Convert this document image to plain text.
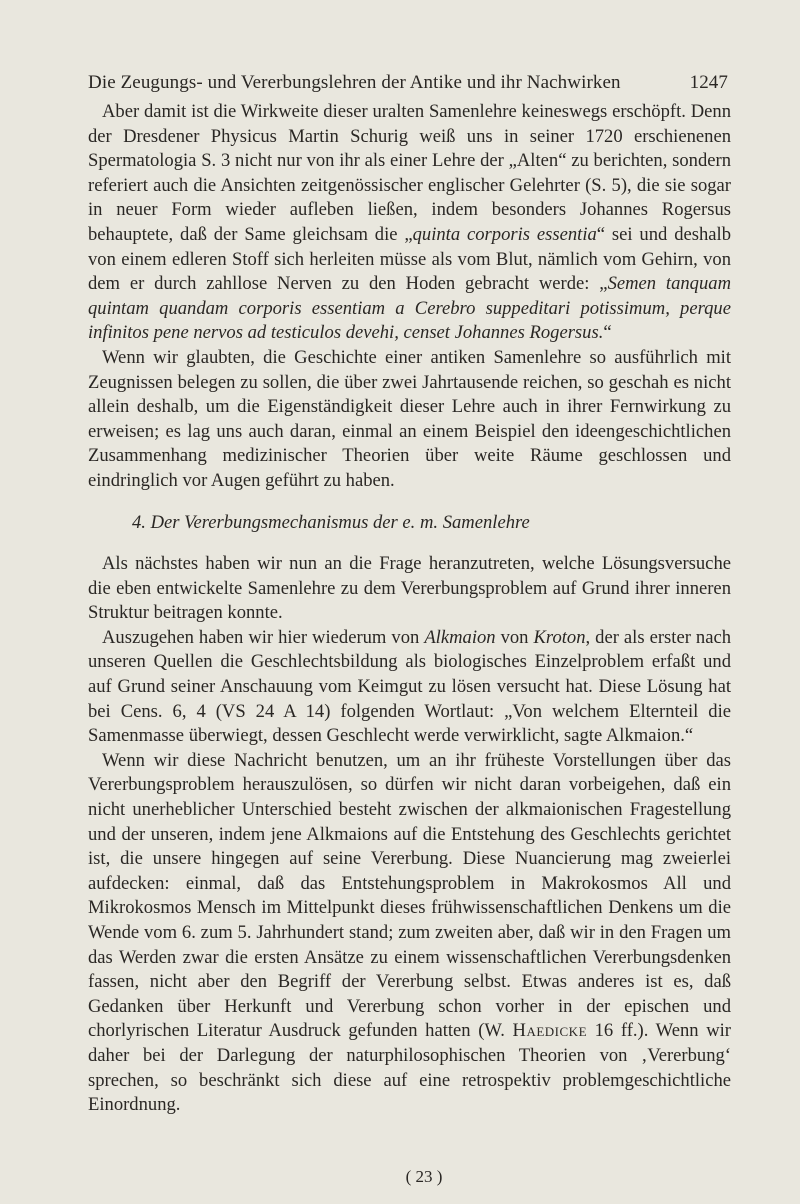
Die Zeugungs- und Vererbungslehren der Antike und ihr Nachwirken	1247

Aber damit ist die Wirkweite dieser uralten Samenlehre keineswegs erschöpft. Denn der Dresdener Physicus Martin Schurig weiß uns in seiner 1720 erschienenen Spermatologia S. 3 nicht nur von ihr als einer Lehre der „Alten“ zu berichten, sondern referiert auch die Ansichten zeitgenössischer englischer Gelehrter (S. 5), die sie sogar in neuer Form wieder aufleben ließen, indem besonders Johannes Rogersus behauptete, daß der Same gleichsam die „quinta corporis essentia“ sei und deshalb von einem edleren Stoff sich herleiten müsse als vom Blut, nämlich vom Gehirn, von dem er durch zahllose Nerven zu den Hoden gebracht werde: „Semen tanquam quintam quandam corporis essentiam a Cerebro suppeditari potissimum, perque infinitos pene nervos ad testiculos devehi, censet Johannes Rogersus.“

Wenn wir glaubten, die Geschichte einer antiken Samenlehre so ausführlich mit Zeugnissen belegen zu sollen, die über zwei Jahrtausende reichen, so geschah es nicht allein deshalb, um die Eigenständigkeit dieser Lehre auch in ihrer Fernwirkung zu erweisen; es lag uns auch daran, einmal an einem Beispiel den ideengeschichtlichen Zusammenhang medizinischer Theorien über weite Räume geschlossen und eindringlich vor Augen geführt zu haben.

4. Der Vererbungsmechanismus der e. m. Samenlehre

Als nächstes haben wir nun an die Frage heranzutreten, welche Lösungsversuche die eben entwickelte Samenlehre zu dem Vererbungsproblem auf Grund ihrer inneren Struktur beitragen konnte.

Auszugehen haben wir hier wiederum von Alkmaion von Kroton, der als erster nach unseren Quellen die Geschlechtsbildung als biologisches Einzelproblem erfaßt und auf Grund seiner Anschauung vom Keimgut zu lösen versucht hat. Diese Lösung hat bei Cens. 6, 4 (VS 24 A 14) folgenden Wortlaut: „Von welchem Elternteil die Samenmasse überwiegt, dessen Geschlecht werde verwirklicht, sagte Alkmaion.“

Wenn wir diese Nachricht benutzen, um an ihr früheste Vorstellungen über das Vererbungsproblem herauszulösen, so dürfen wir nicht daran vorbeigehen, daß ein nicht unerheblicher Unterschied besteht zwischen der alkmaionischen Fragestellung und der unseren, indem jene Alkmaions auf die Entstehung des Geschlechts gerichtet ist, die unsere hingegen auf seine Vererbung. Diese Nuancierung mag zweierlei aufdecken: einmal, daß das Entstehungsproblem in Makrokosmos All und Mikrokosmos Mensch im Mittelpunkt dieses frühwissenschaftlichen Denkens um die Wende vom 6. zum 5. Jahrhundert stand; zum zweiten aber, daß wir in den Fragen um das Werden zwar die ersten Ansätze zu einem wissenschaftlichen Vererbungsdenken fassen, nicht aber den Begriff der Vererbung selbst. Etwas anderes ist es, daß Gedanken über Herkunft und Vererbung schon vorher in der epischen und chorlyrischen Literatur Ausdruck gefunden hatten (W. Haedicke 16 ff.). Wenn wir daher bei der Darlegung der naturphilosophischen Theorien von ‚Vererbung‘ sprechen, so beschränkt sich diese auf eine retrospektiv problemgeschichtliche Einordnung.

( 23 )
